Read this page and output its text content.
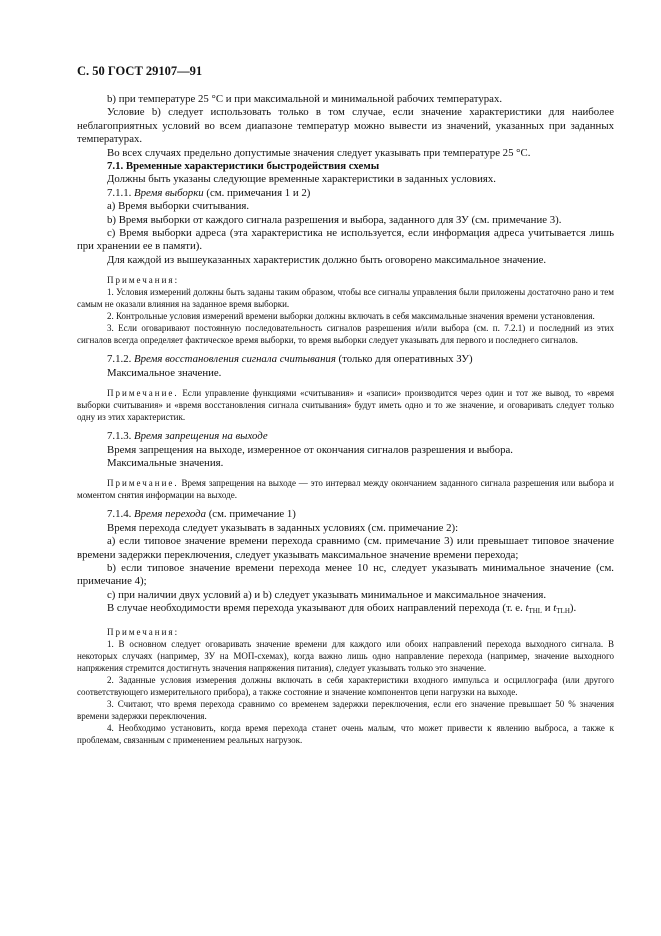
С. 50 ГОСТ 29107—91

b) при температуре 25 °С и при максимальной и минимальной рабочих температурах.

Условие b) следует использовать только в том случае, если значение характеристики для наиболее неблагоприятных условий во всем диапазоне температур можно вывести из значений, указанных при заданных температурах.

Во всех случаях предельно допустимые значения следует указывать при температуре 25 °С.

7.1. Временные характеристики быстродействия схемы

Должны быть указаны следующие временные характеристики в заданных условиях.

7.1.1. Время выборки (см. примечания 1 и 2)

a) Время выборки считывания.

b) Время выборки от каждого сигнала разрешения и выбора, заданного для ЗУ (см. примечание 3).

c) Время выборки адреса (эта характеристика не используется, если информация адреса учитывается лишь при хранении ее в памяти).

Для каждой из вышеуказанных характеристик должно быть оговорено максимальное значение.

Примечания:

1. Условия измерений должны быть заданы таким образом, чтобы все сигналы управления были приложены достаточно рано и тем самым не оказали влияния на заданное время выборки.

2. Контрольные условия измерений времени выборки должны включать в себя максимальные значения времени установления.

3. Если оговаривают постоянную последовательность сигналов разрешения и/или выбора (см. п. 7.2.1) и последний из этих сигналов всегда определяет фактическое время выборки, то время выборки следует указывать для первого и последнего сигналов.

7.1.2. Время восстановления сигнала считывания (только для оперативных ЗУ)

Максимальное значение.

Примечание. Если управление функциями «считывания» и «записи» производится через один и тот же вывод, то «время выборки считывания» и «время восстановления сигнала считывания» будут иметь одно и то же значение, и оговаривать следует только одну из этих характеристик.

7.1.3. Время запрещения на выходе

Время запрещения на выходе, измеренное от окончания сигналов разрешения и выбора.

Максимальные значения.

Примечание. Время запрещения на выходе — это интервал между окончанием заданного сигнала разрешения или выбора и моментом снятия информации на выходе.

7.1.4. Время перехода (см. примечание 1)

Время перехода следует указывать в заданных условиях (см. примечание 2):

a) если типовое значение времени перехода сравнимо (см. примечание 3) или превышает типовое значение времени задержки переключения, следует указывать максимальное значение времени перехода;

b) если типовое значение времени перехода менее 10 нс, следует указывать минимальное значение (см. примечание 4);

c) при наличии двух условий a) и b) следует указывать минимальное и максимальное значения.

В случае необходимости время перехода указывают для обоих направлений перехода (т. е. $t_{THL}$ и $t_{TLH}$).

Примечания:

1. В основном следует оговаривать значение времени для каждого или обоих направлений перехода выходного сигнала. В некоторых случаях (например, ЗУ на МОП-схемах), когда важно лишь одно направление перехода (например, значение выходного напряжения стремится достигнуть значения напряжения питания), следует указывать только это значение.

2. Заданные условия измерения должны включать в себя характеристики входного импульса и осциллографа (или другого соответствующего измерительного прибора), а также состояние и значение компонентов цепи нагрузки на выходе.

3. Считают, что время перехода сравнимо со временем задержки переключения, если его значение превышает 50 % значения времени задержки переключения.

4. Необходимо установить, когда время перехода станет очень малым, что может привести к явлению выброса, а также к проблемам, связанным с применением реальных нагрузок.
